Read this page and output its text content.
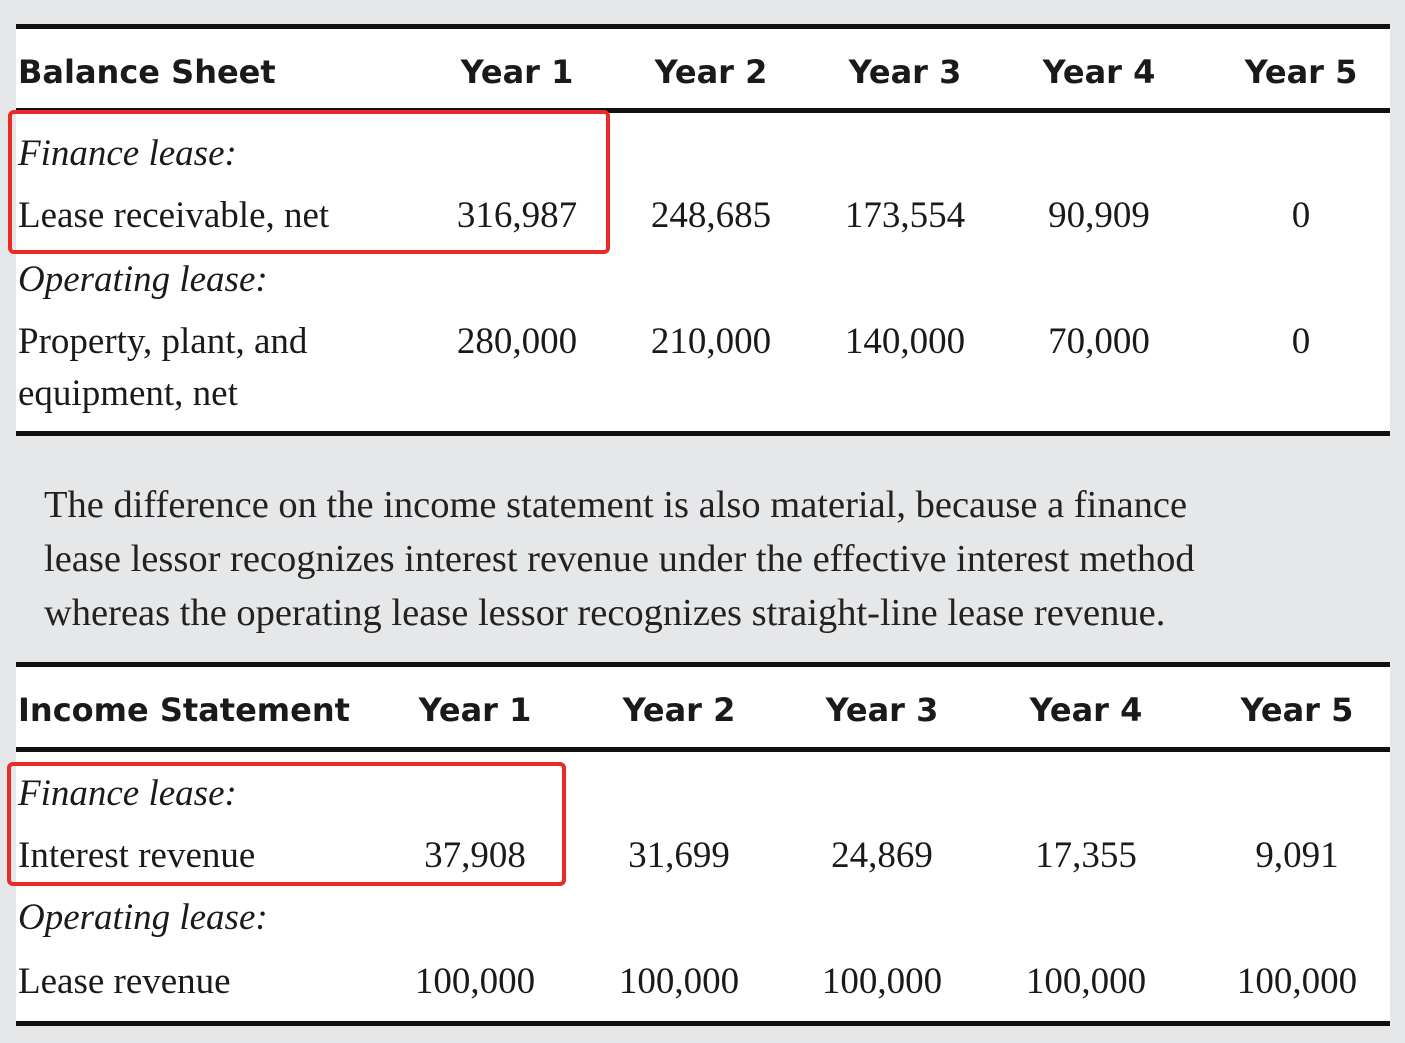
Balance Sheet	Year 1	Year 2	Year 3	Year 4	Year 5
Finance lease:
Lease receivable, net	316,987	248,685	173,554	90,909	0
Operating lease:
Property, plant, and
equipment, net
280,000	210,000	140,000	70,000	0
The difference on the income statement is also material, because a finance
lease lessor recognizes interest revenue under the effective interest method
whereas the operating lease lessor recognizes straight-line lease revenue.
Income Statement	Year 1	Year 2	Year 3	Year 4	Year 5
Finance lease:
Interest revenue	37,908	31,699	24,869	17,355	9,091
Operating lease:
Lease revenue	100,000	100,000	100,000	100,000	100,000
